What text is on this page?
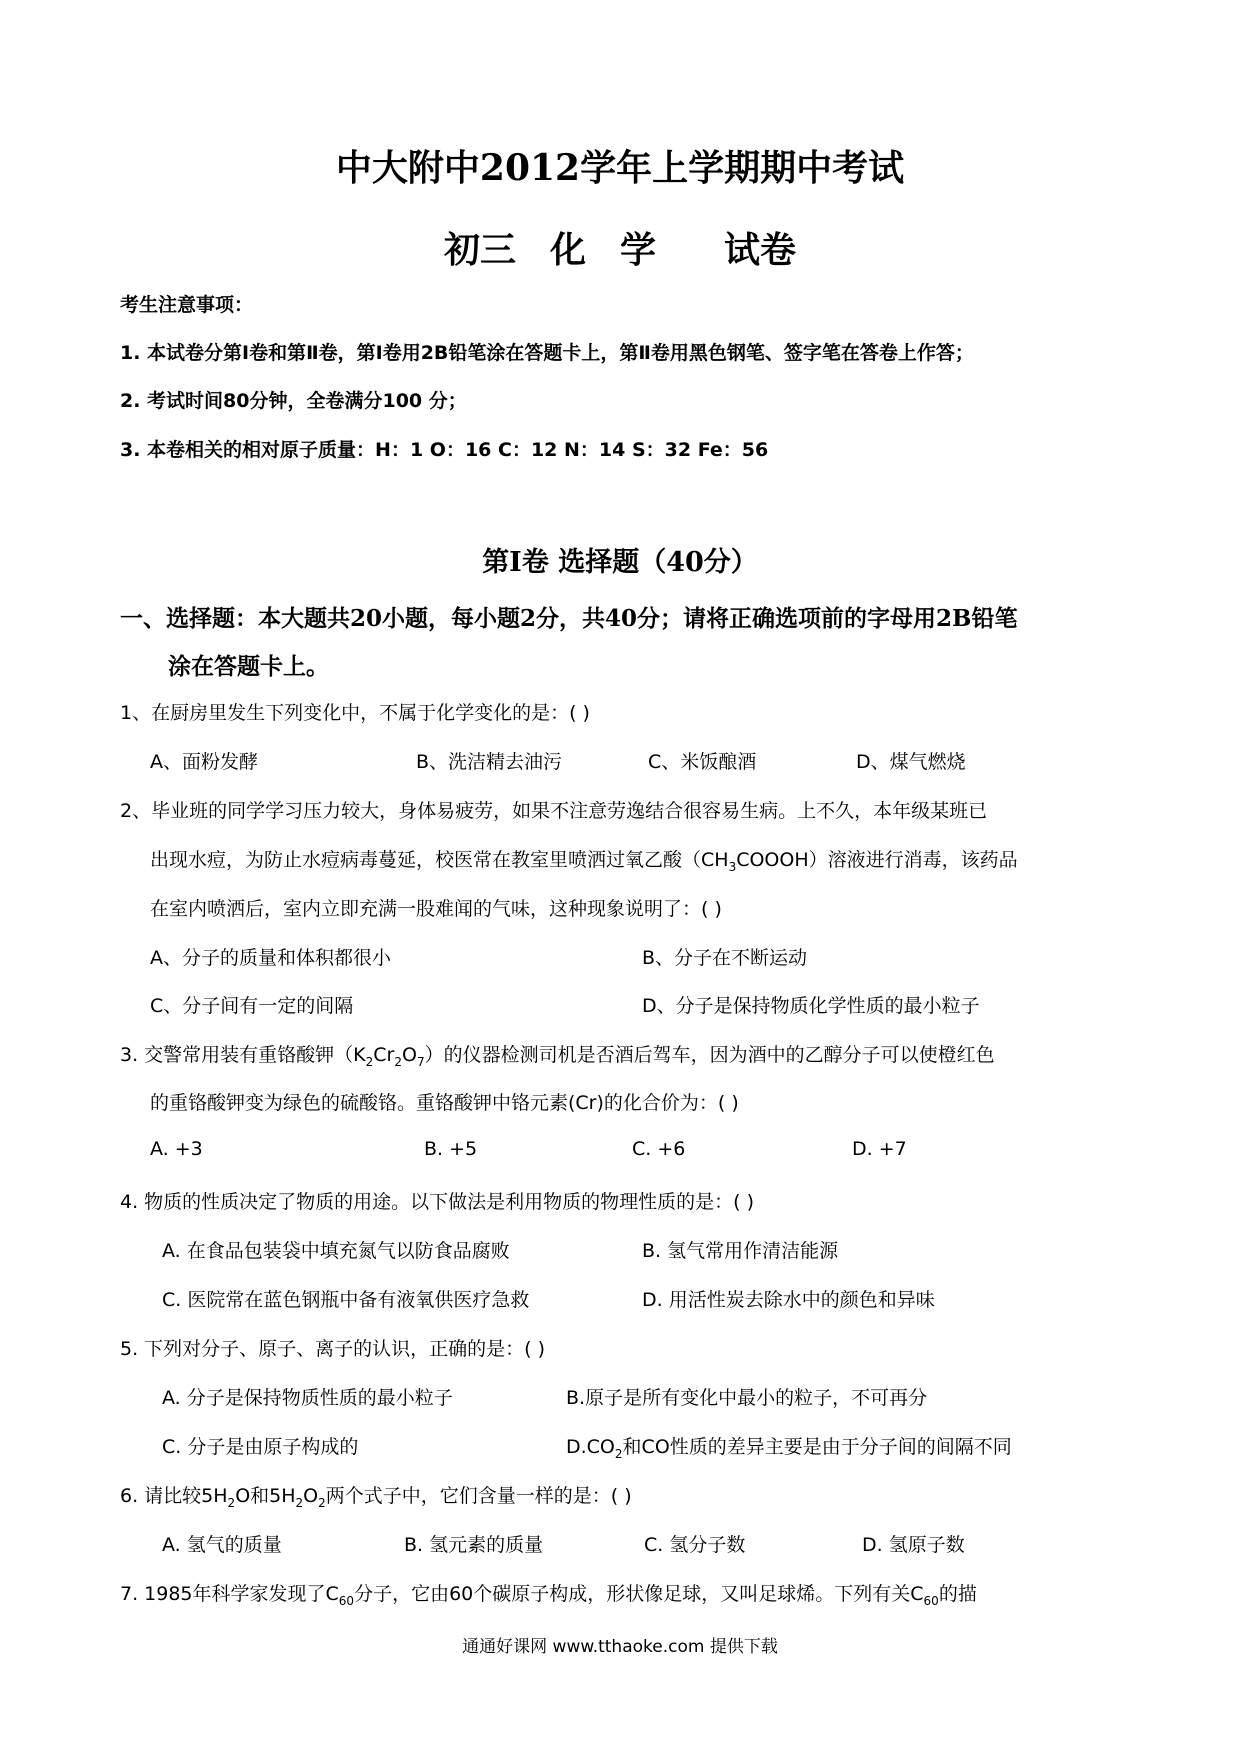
中大附中2012学年上学期期中考试
初三 化 学 试卷
考生注意事项：
1. 本试卷分第Ⅰ卷和第Ⅱ卷，第Ⅰ卷用2B铅笔涂在答题卡上，第Ⅱ卷用黑色钢笔、签字笔在答卷上作答；
2. 考试时间80分钟，全卷满分100 分；
3. 本卷相关的相对原子质量：H：1 O：16 C：12 N：14 S：32 Fe：56
第Ⅰ卷 选择题（40分）
一、选择题：本大题共20小题，每小题2分，共40分；请将正确选项前的字母用2B铅笔
涂在答题卡上。
1、在厨房里发生下列变化中，不属于化学变化的是：( )
A、面粉发酵	B、洗洁精去油污	C、米饭酿酒	D、煤气燃烧
2、毕业班的同学学习压力较大，身体易疲劳，如果不注意劳逸结合很容易生病。上不久，本年级某班已
出现水痘，为防止水痘病毒蔓延，校医常在教室里喷洒过氧乙酸$(CH_3COOOH)$溶液进行消毒，该药品
在室内喷洒后，室内立即充满一股难闻的气味，这种现象说明了：( )
A、分子的质量和体积都很小	B、分子在不断运动
C、分子间有一定的间隔	D、分子是保持物质化学性质的最小粒子
3. 交警常用装有重铬酸钾$(K_2Cr_2O_7)$的仪器检测司机是否酒后驾车，因为酒中的乙醇分子可以使橙红色
的重铬酸钾变为绿色的硫酸铬。重铬酸钾中铬元素(Cr)的化合价为：( )
A. +3	B. +5	C. +6	D. +7
4. 物质的性质决定了物质的用途。以下做法是利用物质的物理性质的是：( )
A. 在食品包装袋中填充氮气以防食品腐败	B. 氢气常用作清洁能源
C. 医院常在蓝色钢瓶中备有液氧供医疗急救	D. 用活性炭去除水中的颜色和异味
5. 下列对分子、原子、离子的认识，正确的是：( )
A. 分子是保持物质性质的最小粒子	B.原子是所有变化中最小的粒子，不可再分
C. 分子是由原子构成的	$D.CO_2$和CO性质的差异主要是由于分子间的间隔不同
6. 请比较$5H_2O$和$5H_2O_2$两个式子中，它们含量一样的是：( )
A. 氢气的质量	B. 氢元素的质量	C. 氢分子数	D. 氢原子数
7. 1985年科学家发现了$C_{60}$分子，它由60个碳原子构成，形状像足球，又叫足球烯。下列有关$C_{60}$的描
通通好课网 www.tthaoke.com 提供下载
